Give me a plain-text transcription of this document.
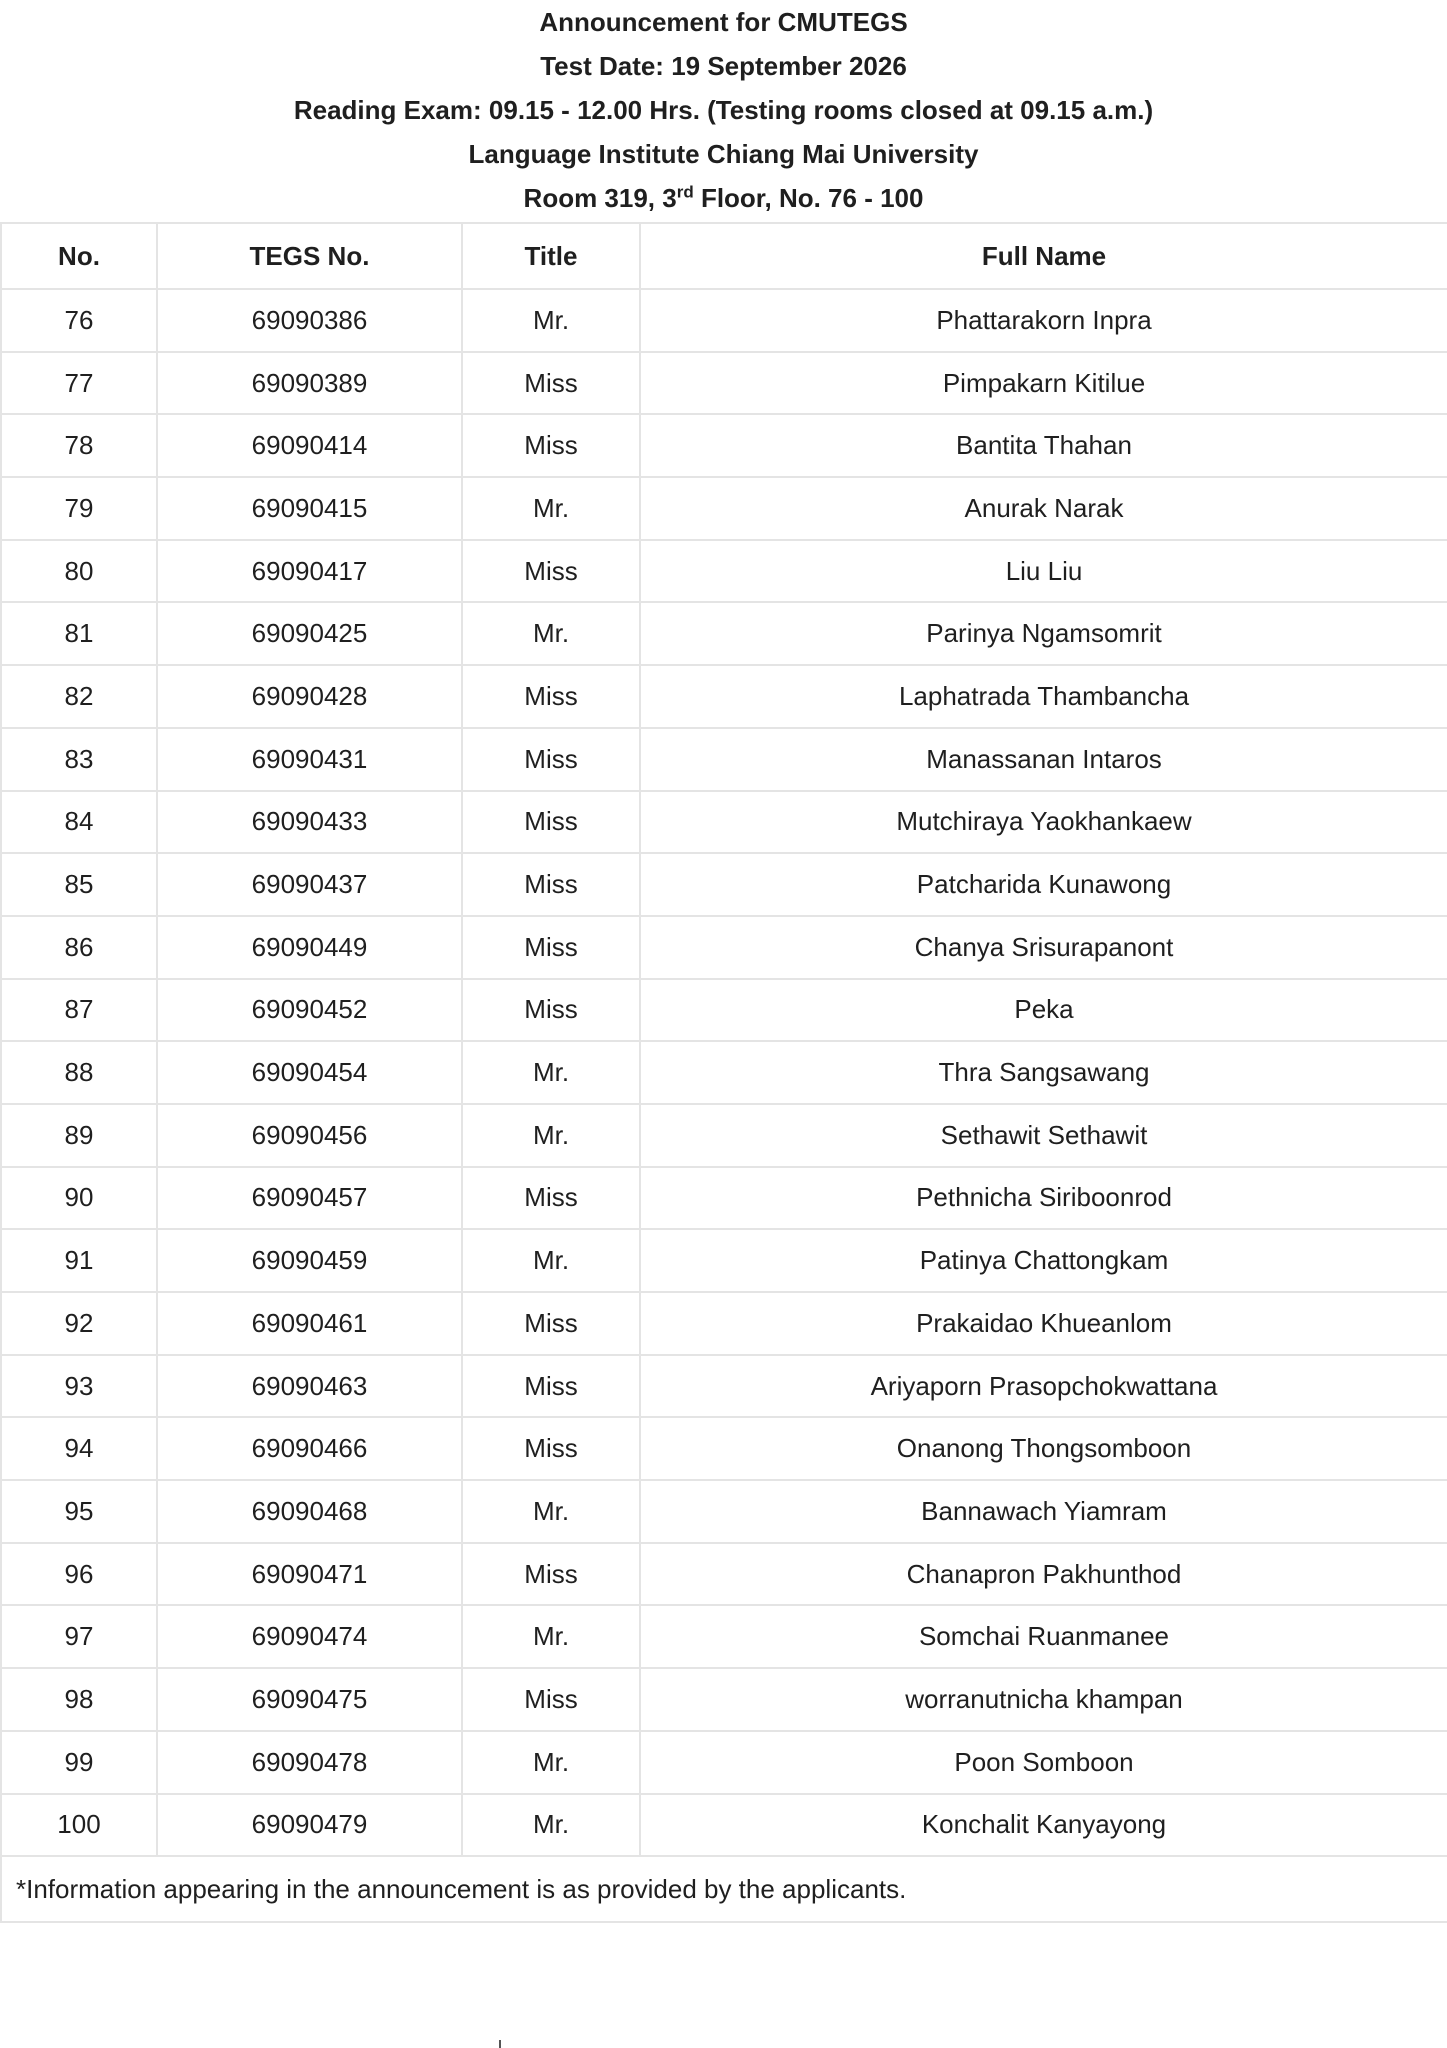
Announcement for CMUTEGS
Test Date: 19 September 2026
Reading Exam: 09.15 - 12.00 Hrs. (Testing rooms closed at 09.15 a.m.)
Language Institute Chiang Mai University
Room 319, 3rd Floor, No. 76 - 100
No.	TEGS No.	Title	Full Name
76	69090386	Mr.	Phattarakorn Inpra
77	69090389	Miss	Pimpakarn Kitilue
78	69090414	Miss	Bantita Thahan
79	69090415	Mr.	Anurak Narak
80	69090417	Miss	Liu Liu
81	69090425	Mr.	Parinya Ngamsomrit
82	69090428	Miss	Laphatrada Thambancha
83	69090431	Miss	Manassanan Intaros
84	69090433	Miss	Mutchiraya Yaokhankaew
85	69090437	Miss	Patcharida Kunawong
86	69090449	Miss	Chanya Srisurapanont
87	69090452	Miss	Peka
88	69090454	Mr.	Thra Sangsawang
89	69090456	Mr.	Sethawit Sethawit
90	69090457	Miss	Pethnicha Siriboonrod
91	69090459	Mr.	Patinya Chattongkam
92	69090461	Miss	Prakaidao Khueanlom
93	69090463	Miss	Ariyaporn Prasopchokwattana
94	69090466	Miss	Onanong Thongsomboon
95	69090468	Mr.	Bannawach Yiamram
96	69090471	Miss	Chanapron Pakhunthod
97	69090474	Mr.	Somchai Ruanmanee
98	69090475	Miss	worranutnicha khampan
99	69090478	Mr.	Poon Somboon
100	69090479	Mr.	Konchalit Kanyayong
*Information appearing in the announcement is as provided by the applicants.			
